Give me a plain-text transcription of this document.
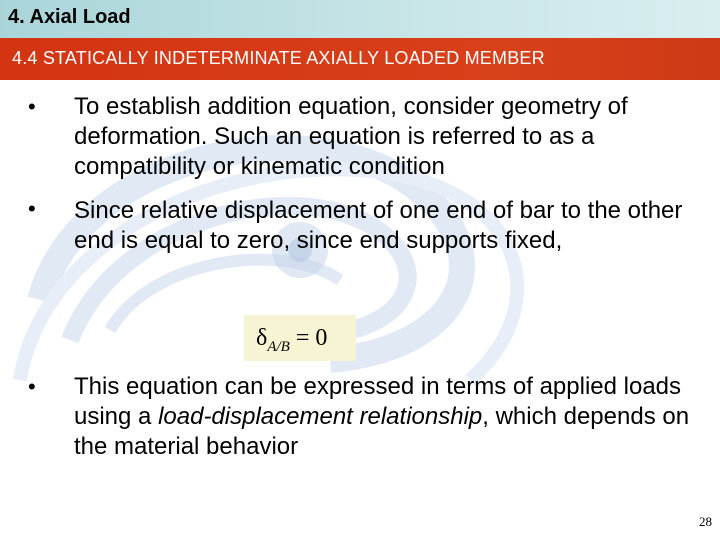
4. Axial Load
4.4 STATICALLY INDETERMINATE AXIALLY LOADED MEMBER
• To establish addition equation, consider geometry of deformation. Such an equation is referred to as a compatibility or kinematic condition
• Since relative displacement of one end of bar to the other end is equal to zero, since end supports fixed,
$\delta_{A/B} = 0$
• This equation can be expressed in terms of applied loads using a load-displacement relationship, which depends on the material behavior
28
